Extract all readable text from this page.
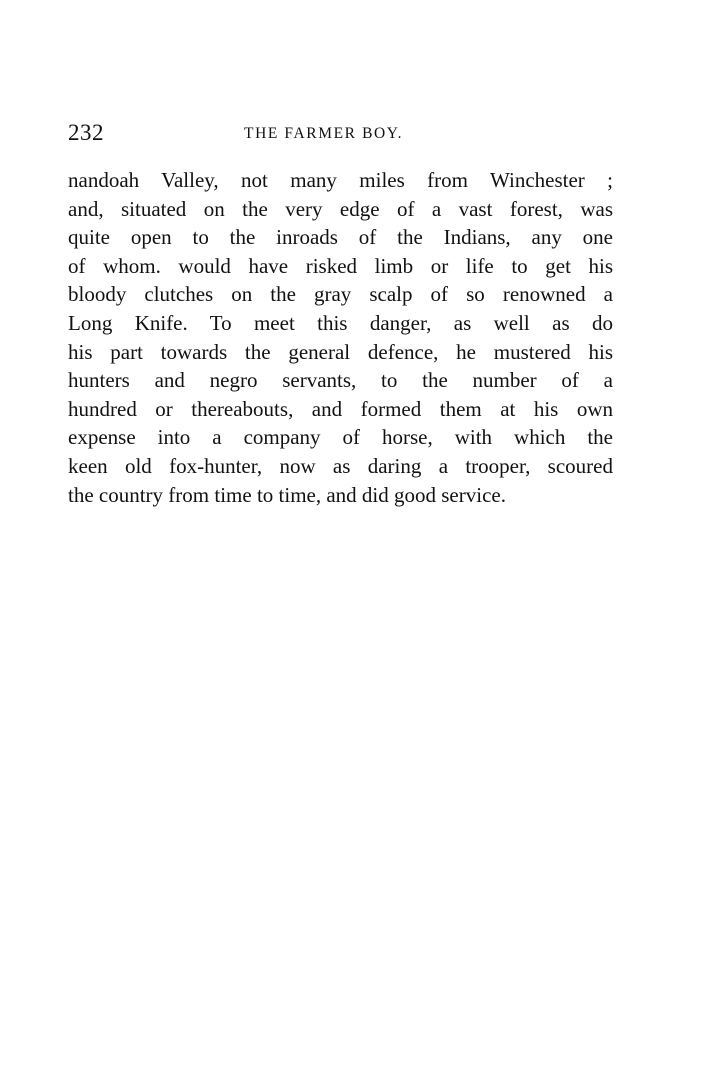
232	THE FARMER BOY.
nandoah Valley, not many miles from Winchester ;
and, situated on the very edge of a vast forest, was
quite open to the inroads of the Indians, any one
of whom. would have risked limb or life to get his
bloody clutches on the gray scalp of so renowned a
Long Knife. To meet this danger, as well as do
his part towards the general defence, he mustered his
hunters and negro servants, to the number of a
hundred or thereabouts, and formed them at his own
expense into a company of horse, with which the
keen old fox-hunter, now as daring a trooper, scoured
the country from time to time, and did good service.
